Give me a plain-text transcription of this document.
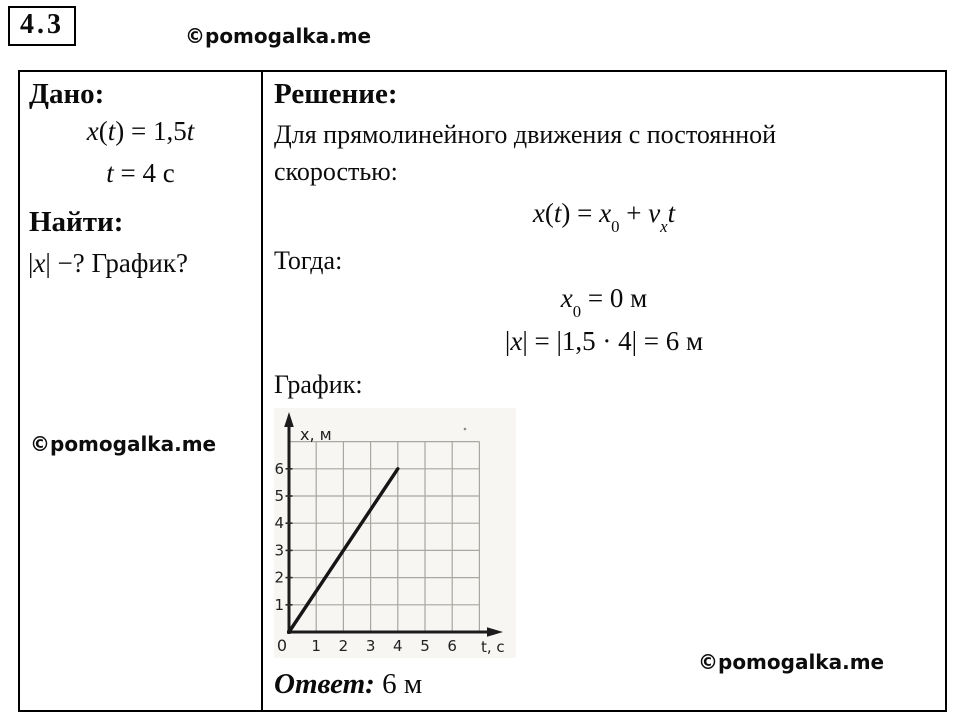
4.3	©pomogalka.me
Дано:
x(t) = 1,5t
t = 4 с
Найти:
|x| −? График?
©pomogalka.me
Решение:
Для прямолинейного движения с постоянной
скоростью:
$x(t) = x_0 + v_xt$
Тогда:
$x_0 = 0$ м
|x| = |1,5 · 4| = 6 м
График:
6
5
4
3
2
1
0 1 2 3 4 5 6
x, м
t, с
©pomogalka.me
Ответ: 6 м
